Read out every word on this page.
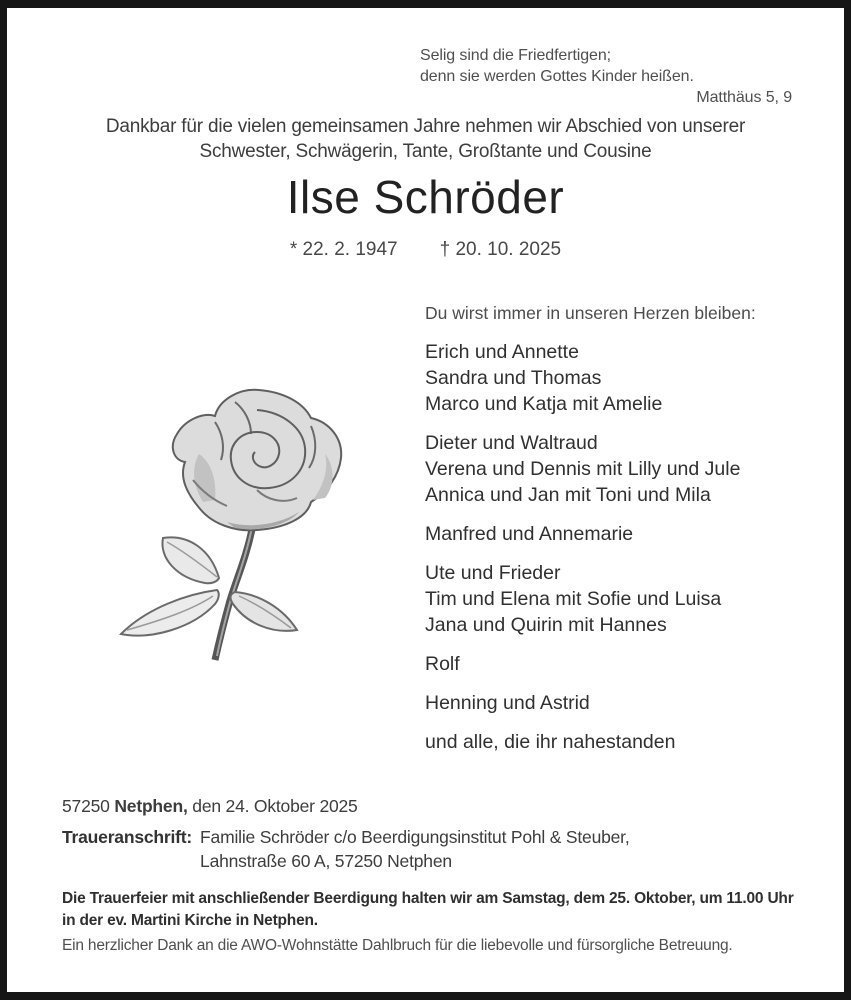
Selig sind die Friedfertigen;
denn sie werden Gottes Kinder heißen.
Matthäus 5, 9
Dankbar für die vielen gemeinsamen Jahre nehmen wir Abschied von unserer
Schwester, Schwägerin, Tante, Großtante und Cousine
Ilse Schröder
* 22. 2. 1947 † 20. 10. 2025
Du wirst immer in unseren Herzen bleiben:
Erich und Annette
Sandra und Thomas
Marco und Katja mit Amelie
Dieter und Waltraud
Verena und Dennis mit Lilly und Jule
Annica und Jan mit Toni und Mila
Manfred und Annemarie
Ute und Frieder
Tim und Elena mit Sofie und Luisa
Jana und Quirin mit Hannes
Rolf
Henning und Astrid
und alle, die ihr nahestanden
57250 Netphen, den 24. Oktober 2025
Traueranschrift: Familie Schröder c/o Beerdigungsinstitut Pohl & Steuber,
Lahnstraße 60 A, 57250 Netphen
Die Trauerfeier mit anschließender Beerdigung halten wir am Samstag, dem 25. Oktober, um 11.00 Uhr in der ev. Martini Kirche in Netphen.
Ein herzlicher Dank an die AWO-Wohnstätte Dahlbruch für die liebevolle und fürsorgliche Betreuung.
